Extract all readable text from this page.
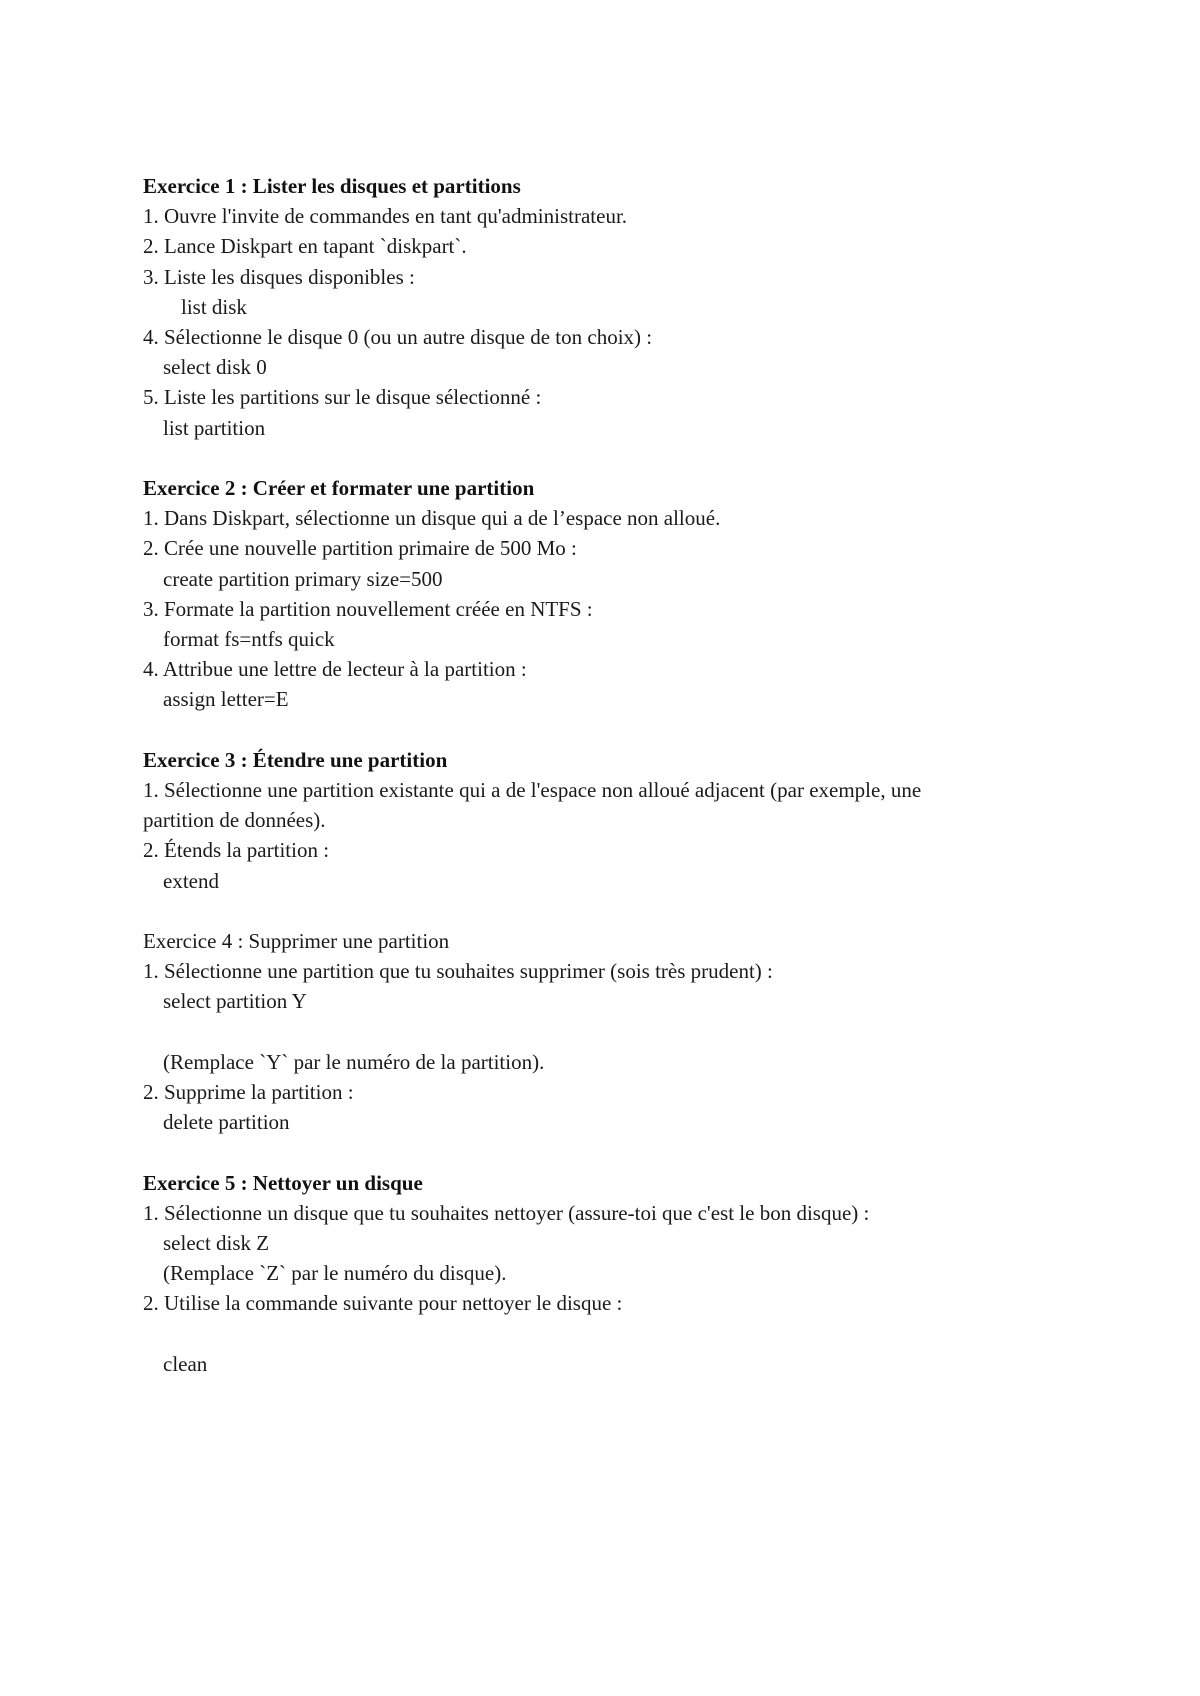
Exercice 1 : Lister les disques et partitions

1. Ouvre l'invite de commandes en tant qu'administrateur.

2. Lance Diskpart en tapant `diskpart`.

3. Liste les disques disponibles :

list disk

4. Sélectionne le disque 0 (ou un autre disque de ton choix) :

select disk 0

5. Liste les partitions sur le disque sélectionné :

list partition

Exercice 2 : Créer et formater une partition

1. Dans Diskpart, sélectionne un disque qui a de l’espace non alloué.

2. Crée une nouvelle partition primaire de 500 Mo :

create partition primary size=500

3. Formate la partition nouvellement créée en NTFS :

format fs=ntfs quick

4. Attribue une lettre de lecteur à la partition :

assign letter=E

Exercice 3 : Étendre une partition

1. Sélectionne une partition existante qui a de l'espace non alloué adjacent (par exemple, une

partition de données).

2. Étends la partition :

extend

Exercice 4 : Supprimer une partition

1. Sélectionne une partition que tu souhaites supprimer (sois très prudent) :

select partition Y

(Remplace `Y` par le numéro de la partition).

2. Supprime la partition :

delete partition

Exercice 5 : Nettoyer un disque

1. Sélectionne un disque que tu souhaites nettoyer (assure-toi que c'est le bon disque) :

select disk Z

(Remplace `Z` par le numéro du disque).

2. Utilise la commande suivante pour nettoyer le disque :

clean
